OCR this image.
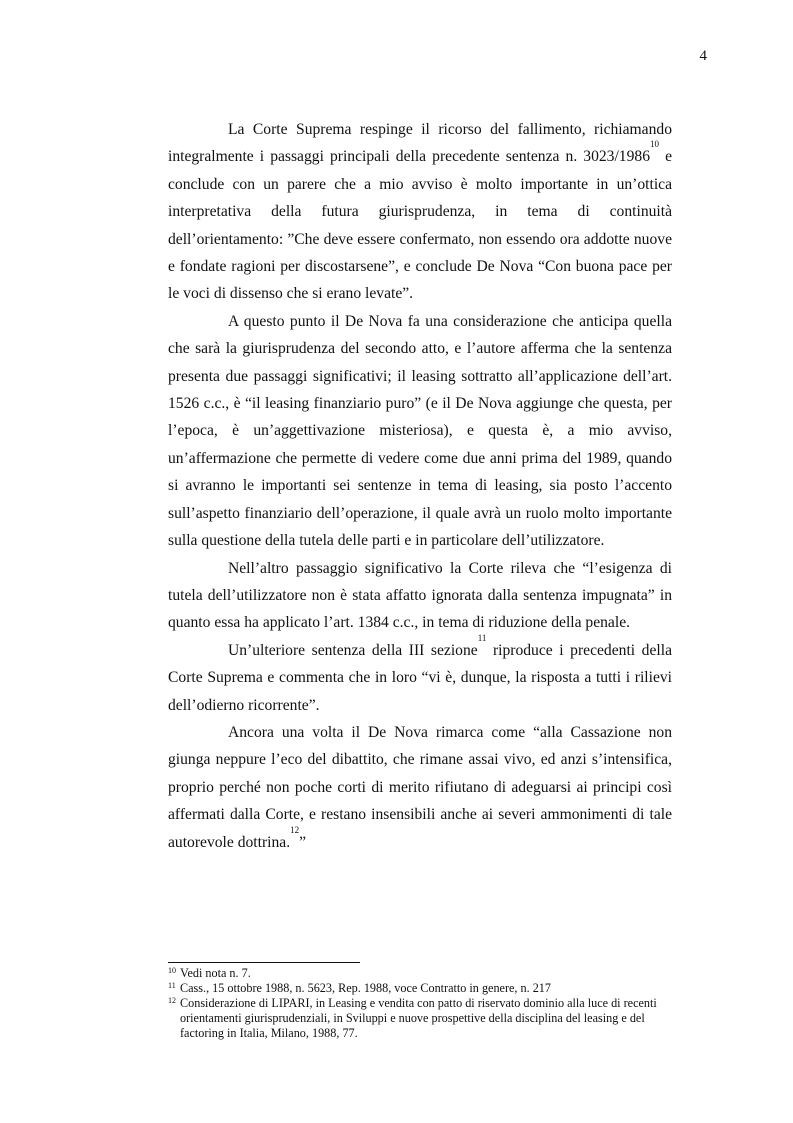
4

La Corte Suprema respinge il ricorso del fallimento, richiamando integralmente i passaggi principali della precedente sentenza n. 3023/1986$^{10}$ e conclude con un parere che a mio avviso è molto importante in un’ottica interpretativa della futura giurisprudenza, in tema di continuità dell’orientamento: ”Che deve essere confermato, non essendo ora addotte nuove e fondate ragioni per discostarsene”, e conclude De Nova “Con buona pace per le voci di dissenso che si erano levate”.

A questo punto il De Nova fa una considerazione che anticipa quella che sarà la giurisprudenza del secondo atto, e l’autore afferma che la sentenza presenta due passaggi significativi; il leasing sottratto all’applicazione dell’art. 1526 c.c., è “il leasing finanziario puro” (e il De Nova aggiunge che questa, per l’epoca, è un’aggettivazione misteriosa), e questa è, a mio avviso, un’affermazione che permette di vedere come due anni prima del 1989, quando si avranno le importanti sei sentenze in tema di leasing, sia posto l’accento sull’aspetto finanziario dell’operazione, il quale avrà un ruolo molto importante sulla questione della tutela delle parti e in particolare dell’utilizzatore.

Nell’altro passaggio significativo la Corte rileva che “l’esigenza di tutela dell’utilizzatore non è stata affatto ignorata dalla sentenza impugnata” in quanto essa ha applicato l’art. 1384 c.c., in tema di riduzione della penale.

Un’ulteriore sentenza della III sezione$^{11}$ riproduce i precedenti della Corte Suprema e commenta che in loro “vi è, dunque, la risposta a tutti i rilievi dell’odierno ricorrente”.

Ancora una volta il De Nova rimarca come “alla Cassazione non giunga neppure l’eco del dibattito, che rimane assai vivo, ed anzi s’intensifica, proprio perché non poche corti di merito rifiutano di adeguarsi ai principi così affermati dalla Corte, e restano insensibili anche ai severi ammonimenti di tale autorevole dottrina.$^{12}$”

10 Vedi nota n. 7.
11 Cass., 15 ottobre 1988, n. 5623, Rep. 1988, voce Contratto in genere, n. 217
12 Considerazione di LIPARI, in Leasing e vendita con patto di riservato dominio alla luce di recenti orientamenti giurisprudenziali, in Sviluppi e nuove prospettive della disciplina del leasing e del factoring in Italia, Milano, 1988, 77.
